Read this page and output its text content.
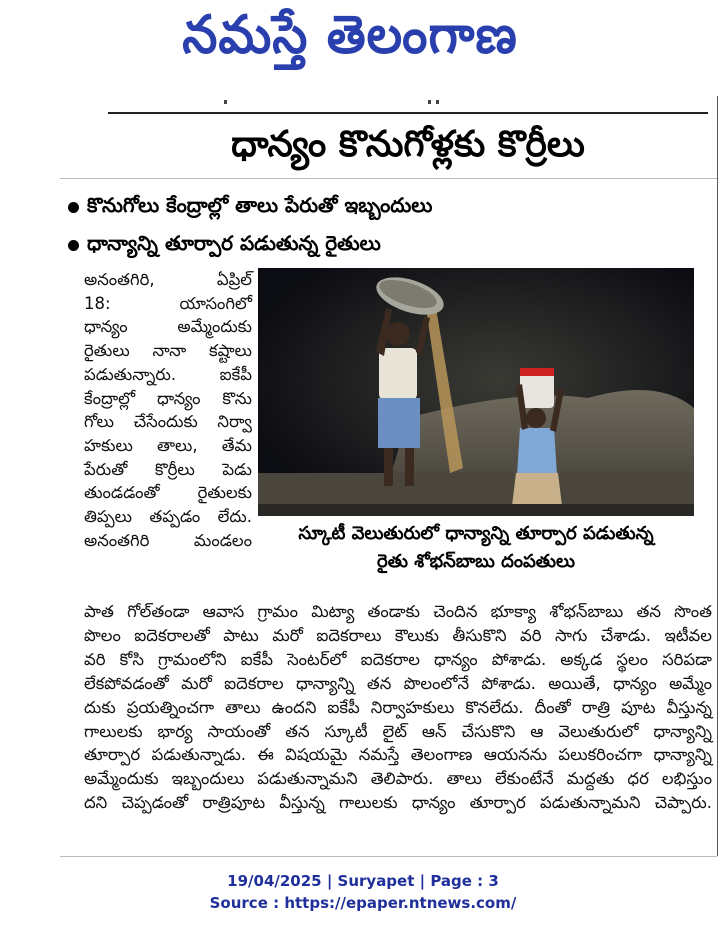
నమస్తే తెలంగాణ
ధాన్యం కొనుగోళ్లకు కొర్రీలు
కొనుగోలు కేంద్రాల్లో తాలు పేరుతో ఇబ్బందులు
ధాన్యాన్ని తూర్పార పడుతున్న రైతులు

అనంతగిరి, ఏప్రిల్

18: యాసంగిలో

ధాన్యం అమ్మేందుకు

రైతులు నానా కష్టాలు

పడుతున్నారు. ఐకేపీ

కేంద్రాల్లో ధాన్యం కొను

గోలు చేసేందుకు నిర్వా

హకులు తాలు, తేమ

పేరుతో కొర్రీలు పెడు

తుండడంతో రైతులకు

తిప్పలు తప్పడం లేదు.

అనంతగిరి మండలం	స్కూటీ వెలుతురులో ధాన్యాన్ని తూర్పార పడుతున్న
రైతు శోభన్‌బాబు దంపతులు

పాత గోల్‌తండా ఆవాస గ్రామం మిట్యా తండాకు చెందిన భూక్యా శోభన్‌బాబు తన సొంత

పొలం ఐదెకరాలతో పాటు మరో ఐదెకరాలు కౌలుకు తీసుకొని వరి సాగు చేశాడు. ఇటీవల

వరి కోసి గ్రామంలోని ఐకేపీ సెంటర్‌లో ఐదెకరాల ధాన్యం పోశాడు. అక్కడ స్థలం సరిపడా

లేకపోవడంతో మరో ఐదెకరాల ధాన్యాన్ని తన పొలంలోనే పోశాడు. అయితే, ధాన్యం అమ్మేం

దుకు ప్రయత్నించగా తాలు ఉందని ఐకేపీ నిర్వాహకులు కొనలేదు. దీంతో రాత్రి పూట వీస్తున్న

గాలులకు భార్య సాయంతో తన స్కూటీ లైట్ ఆన్ చేసుకొని ఆ వెలుతురులో ధాన్యాన్ని

తూర్పార పడుతున్నాడు. ఈ విషయమై నమస్తే తెలంగాణ ఆయనను పలుకరించగా ధాన్యాన్ని

అమ్మేందుకు ఇబ్బందులు పడుతున్నామని తెలిపారు. తాలు లేకుంటేనే మద్దతు ధర లభిస్తుం

దని చెప్పడంతో రాత్రిపూట వీస్తున్న గాలులకు ధాన్యం తూర్పార పడుతున్నామని చెప్పారు.

19/04/2025 | Suryapet | Page : 3
Source : https://epaper.ntnews.com/
